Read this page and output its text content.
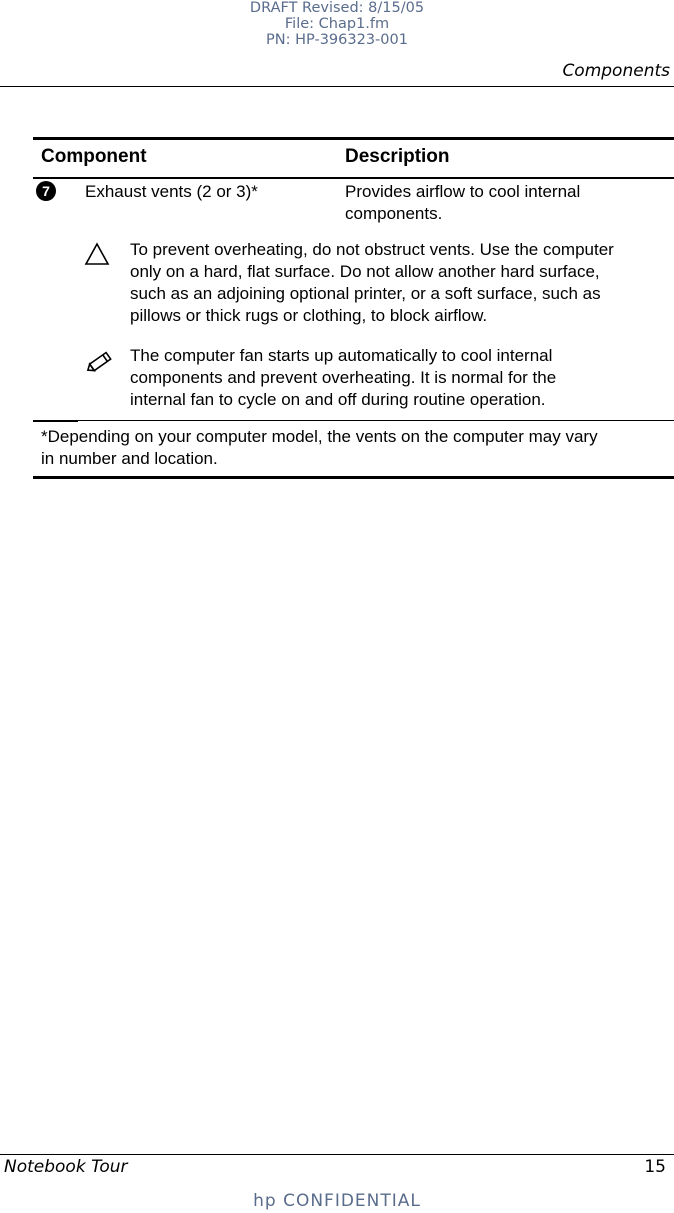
DRAFT Revised: 8/15/05
File: Chap1.fm
PN: HP-396323-001
Components
Component	Description
7	Exhaust vents (2 or 3)*	Provides airflow to cool internal
components.
To prevent overheating, do not obstruct vents. Use the computer
only on a hard, flat surface. Do not allow another hard surface,
such as an adjoining optional printer, or a soft surface, such as
pillows or thick rugs or clothing, to block airflow.
The computer fan starts up automatically to cool internal
components and prevent overheating. It is normal for the
internal fan to cycle on and off during routine operation.
*Depending on your computer model, the vents on the computer may vary
in number and location.
Notebook Tour	15
hp CONFIDENTIAL
